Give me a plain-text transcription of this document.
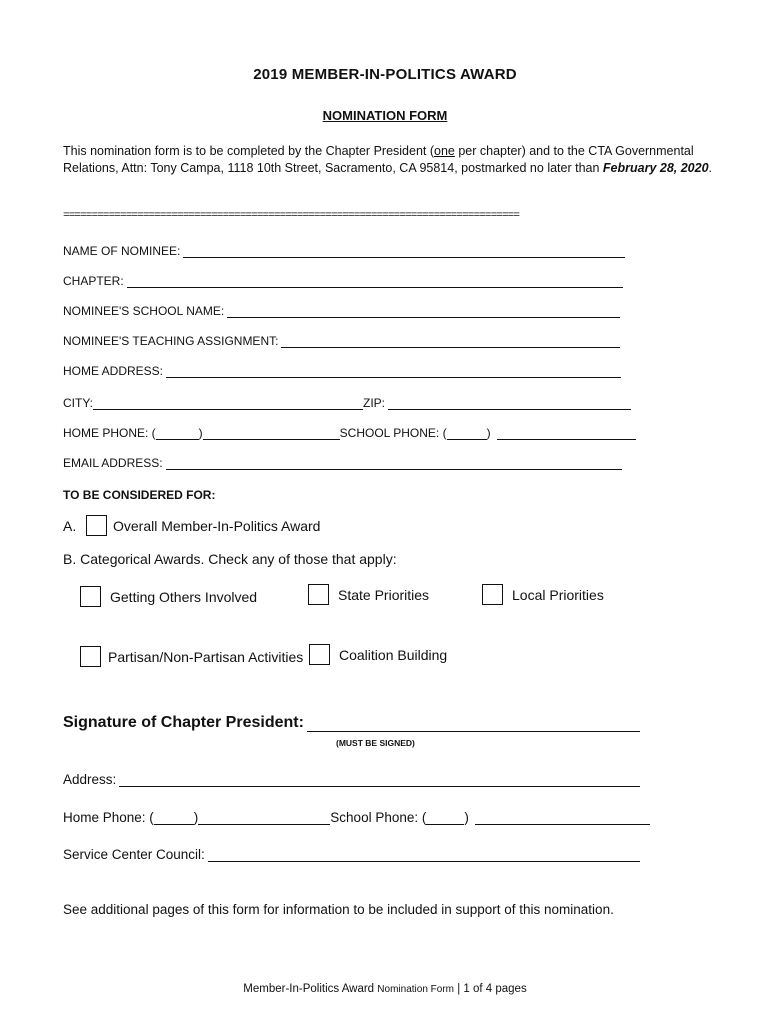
2019 MEMBER-IN-POLITICS AWARD
NOMINATION FORM
This nomination form is to be completed by the Chapter President (one per chapter) and to the CTA Governmental Relations, Attn: Tony Campa, 1118 10th Street, Sacramento, CA 95814, postmarked no later than February 28, 2020.
================================================================================
NAME OF NOMINEE:
CHAPTER:
NOMINEE'S SCHOOL NAME:
NOMINEE'S TEACHING ASSIGNMENT:
HOME ADDRESS:
CITY:	ZIP:
HOME PHONE: (	)	SCHOOL PHONE: (	)
EMAIL ADDRESS:
TO BE CONSIDERED FOR:
A.	Overall Member-In-Politics Award
B. Categorical Awards. Check any of those that apply:
Getting Others Involved	State Priorities	Local Priorities
Partisan/Non-Partisan Activities	Coalition Building
Signature of Chapter President:
(MUST BE SIGNED)
Address:
Home Phone: (	)	School Phone: (	)
Service Center Council:
See additional pages of this form for information to be included in support of this nomination.
Member-In-Politics Award Nomination Form | 1 of 4 pages
